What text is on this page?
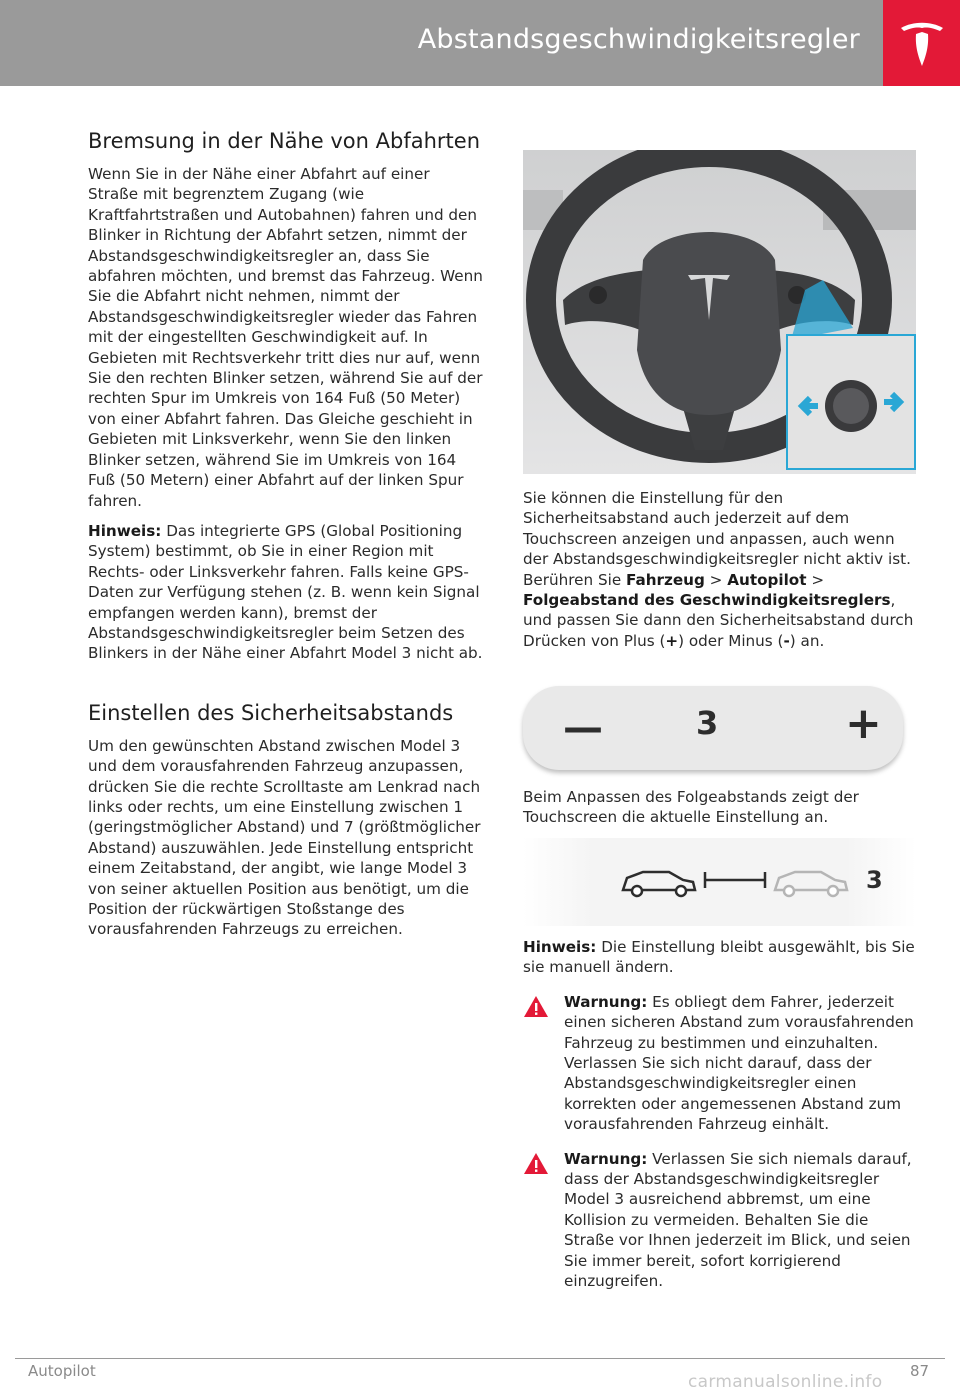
Abstandsgeschwindigkeitsregler
Bremsung in der Nähe von Abfahrten

Wenn Sie in der Nähe einer Abfahrt auf einer Straße mit begrenztem Zugang (wie Kraftfahrtstraßen und Autobahnen) fahren und den Blinker in Richtung der Abfahrt setzen, nimmt der Abstandsgeschwindigkeitsregler an, dass Sie abfahren möchten, und bremst das Fahrzeug. Wenn Sie die Abfahrt nicht nehmen, nimmt der Abstandsgeschwindigkeitsregler wieder das Fahren mit der eingestellten Geschwindigkeit auf. In Gebieten mit Rechtsverkehr tritt dies nur auf, wenn Sie den rechten Blinker setzen, während Sie auf der rechten Spur im Umkreis von 164 Fuß (50 Meter) von einer Abfahrt fahren. Das Gleiche geschieht in Gebieten mit Linksverkehr, wenn Sie den linken Blinker setzen, während Sie im Umkreis von 164 Fuß (50 Metern) einer Abfahrt auf der linken Spur fahren.

Hinweis: Das integrierte GPS (Global Positioning System) bestimmt, ob Sie in einer Region mit Rechts- oder Linksverkehr fahren. Falls keine GPS-Daten zur Verfügung stehen (z. B. wenn kein Signal empfangen werden kann), bremst der Abstandsgeschwindigkeitsregler beim Setzen des Blinkers in der Nähe einer Abfahrt Model 3 nicht ab.

Einstellen des Sicherheitsabstands

Um den gewünschten Abstand zwischen Model 3 und dem vorausfahrenden Fahrzeug anzupassen, drücken Sie die rechte Scrolltaste am Lenkrad nach links oder rechts, um eine Einstellung zwischen 1 (geringstmöglicher Abstand) und 7 (größtmöglicher Abstand) auszuwählen. Jede Einstellung entspricht einem Zeitabstand, der angibt, wie lange Model 3 von seiner aktuellen Position aus benötigt, um die Position der rückwärtigen Stoßstange des vorausfahrenden Fahrzeugs zu erreichen.

Sie können die Einstellung für den Sicherheitsabstand auch jederzeit auf dem Touchscreen anzeigen und anpassen, auch wenn der Abstandsgeschwindigkeitsregler nicht aktiv ist. Berühren Sie Fahrzeug > Autopilot > Folgeabstand des Geschwindigkeitsreglers, und passen Sie dann den Sicherheitsabstand durch Drücken von Plus (+) oder Minus (-) an.

—	3	+

Beim Anpassen des Folgeabstands zeigt der Touchscreen die aktuelle Einstellung an.

3

Hinweis: Die Einstellung bleibt ausgewählt, bis Sie sie manuell ändern.

Warnung: Es obliegt dem Fahrer, jederzeit einen sicheren Abstand zum vorausfahrenden Fahrzeug zu bestimmen und einzuhalten. Verlassen Sie sich nicht darauf, dass der Abstandsgeschwindigkeitsregler einen korrekten oder angemessenen Abstand zum vorausfahrenden Fahrzeug einhält.
Warnung: Verlassen Sie sich niemals darauf, dass der Abstandsgeschwindigkeitsregler Model 3 ausreichend abbremst, um eine Kollision zu vermeiden. Behalten Sie die Straße vor Ihnen jederzeit im Blick, und seien Sie immer bereit, sofort korrigierend einzugreifen.
Autopilot	87
carmanualsonline.info
